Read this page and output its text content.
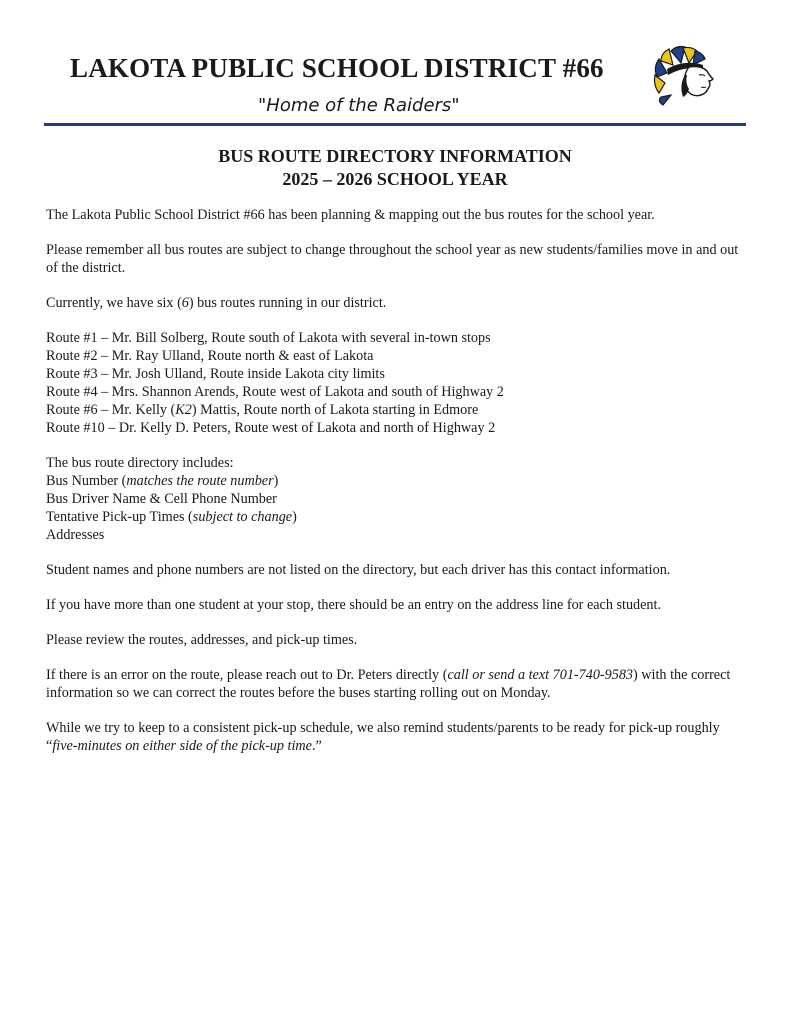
LAKOTA PUBLIC SCHOOL DISTRICT #66
"Home of the Raiders"
BUS ROUTE DIRECTORY INFORMATION
2025 – 2026 SCHOOL YEAR

The Lakota Public School District #66 has been planning & mapping out the bus routes for the school year.

Please remember all bus routes are subject to change throughout the school year as new students/families move in and out of the district.

Currently, we have six (6) bus routes running in our district.

Route #1 – Mr. Bill Solberg, Route south of Lakota with several in-town stops

Route #2 – Mr. Ray Ulland, Route north & east of Lakota

Route #3 – Mr. Josh Ulland, Route inside Lakota city limits

Route #4 – Mrs. Shannon Arends, Route west of Lakota and south of Highway 2

Route #6 – Mr. Kelly (K2) Mattis, Route north of Lakota starting in Edmore

Route #10 – Dr. Kelly D. Peters, Route west of Lakota and north of Highway 2

The bus route directory includes:

Bus Number (matches the route number)

Bus Driver Name & Cell Phone Number

Tentative Pick-up Times (subject to change)

Addresses

Student names and phone numbers are not listed on the directory, but each driver has this contact information.

If you have more than one student at your stop, there should be an entry on the address line for each student.

Please review the routes, addresses, and pick-up times.

If there is an error on the route, please reach out to Dr. Peters directly (call or send a text 701-740-9583) with the correct information so we can correct the routes before the buses starting rolling out on Monday.

While we try to keep to a consistent pick-up schedule, we also remind students/parents to be ready for pick-up roughly “five-minutes on either side of the pick-up time.”
